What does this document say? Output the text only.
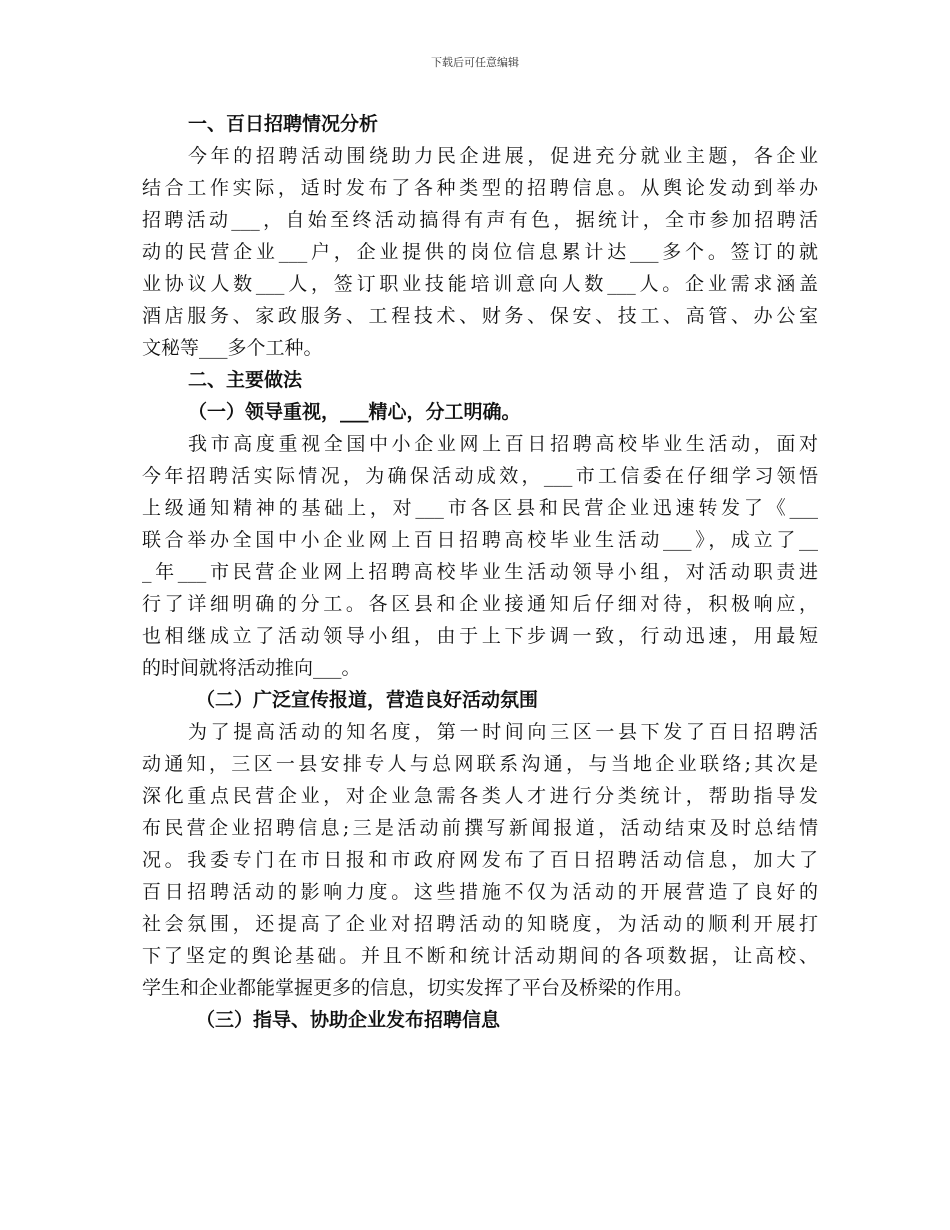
下载后可任意编辑
一、百日招聘情况分析
今年的招聘活动围绕助力民企进展，促进充分就业主题，各企业
结合工作实际，适时发布了各种类型的招聘信息。从舆论发动到举办
招聘活动___，自始至终活动搞得有声有色，据统计，全市参加招聘活
动的民营企业___户，企业提供的岗位信息累计达___多个。签订的就
业协议人数___人，签订职业技能培训意向人数___人。企业需求涵盖
酒店服务、家政服务、工程技术、财务、保安、技工、高管、办公室
文秘等___多个工种。
二、主要做法
（一）领导重视，___精心，分工明确。
我市高度重视全国中小企业网上百日招聘高校毕业生活动，面对
今年招聘活实际情况，为确保活动成效，___市工信委在仔细学习领悟
上级通知精神的基础上，对___市各区县和民营企业迅速转发了《___
联合举办全国中小企业网上百日招聘高校毕业生活动___》，成立了__
_年___市民营企业网上招聘高校毕业生活动领导小组，对活动职责进
行了详细明确的分工。各区县和企业接通知后仔细对待，积极响应，
也相继成立了活动领导小组，由于上下步调一致，行动迅速，用最短
的时间就将活动推向___。
（二）广泛宣传报道，营造良好活动氛围
为了提高活动的知名度，第一时间向三区一县下发了百日招聘活
动通知，三区一县安排专人与总网联系沟通，与当地企业联络;其次是
深化重点民营企业，对企业急需各类人才进行分类统计，帮助指导发
布民营企业招聘信息;三是活动前撰写新闻报道，活动结束及时总结情
况。我委专门在市日报和市政府网发布了百日招聘活动信息，加大了
百日招聘活动的影响力度。这些措施不仅为活动的开展营造了良好的
社会氛围，还提高了企业对招聘活动的知晓度，为活动的顺利开展打
下了坚定的舆论基础。并且不断和统计活动期间的各项数据，让高校、
学生和企业都能掌握更多的信息，切实发挥了平台及桥梁的作用。
（三）指导、协助企业发布招聘信息
